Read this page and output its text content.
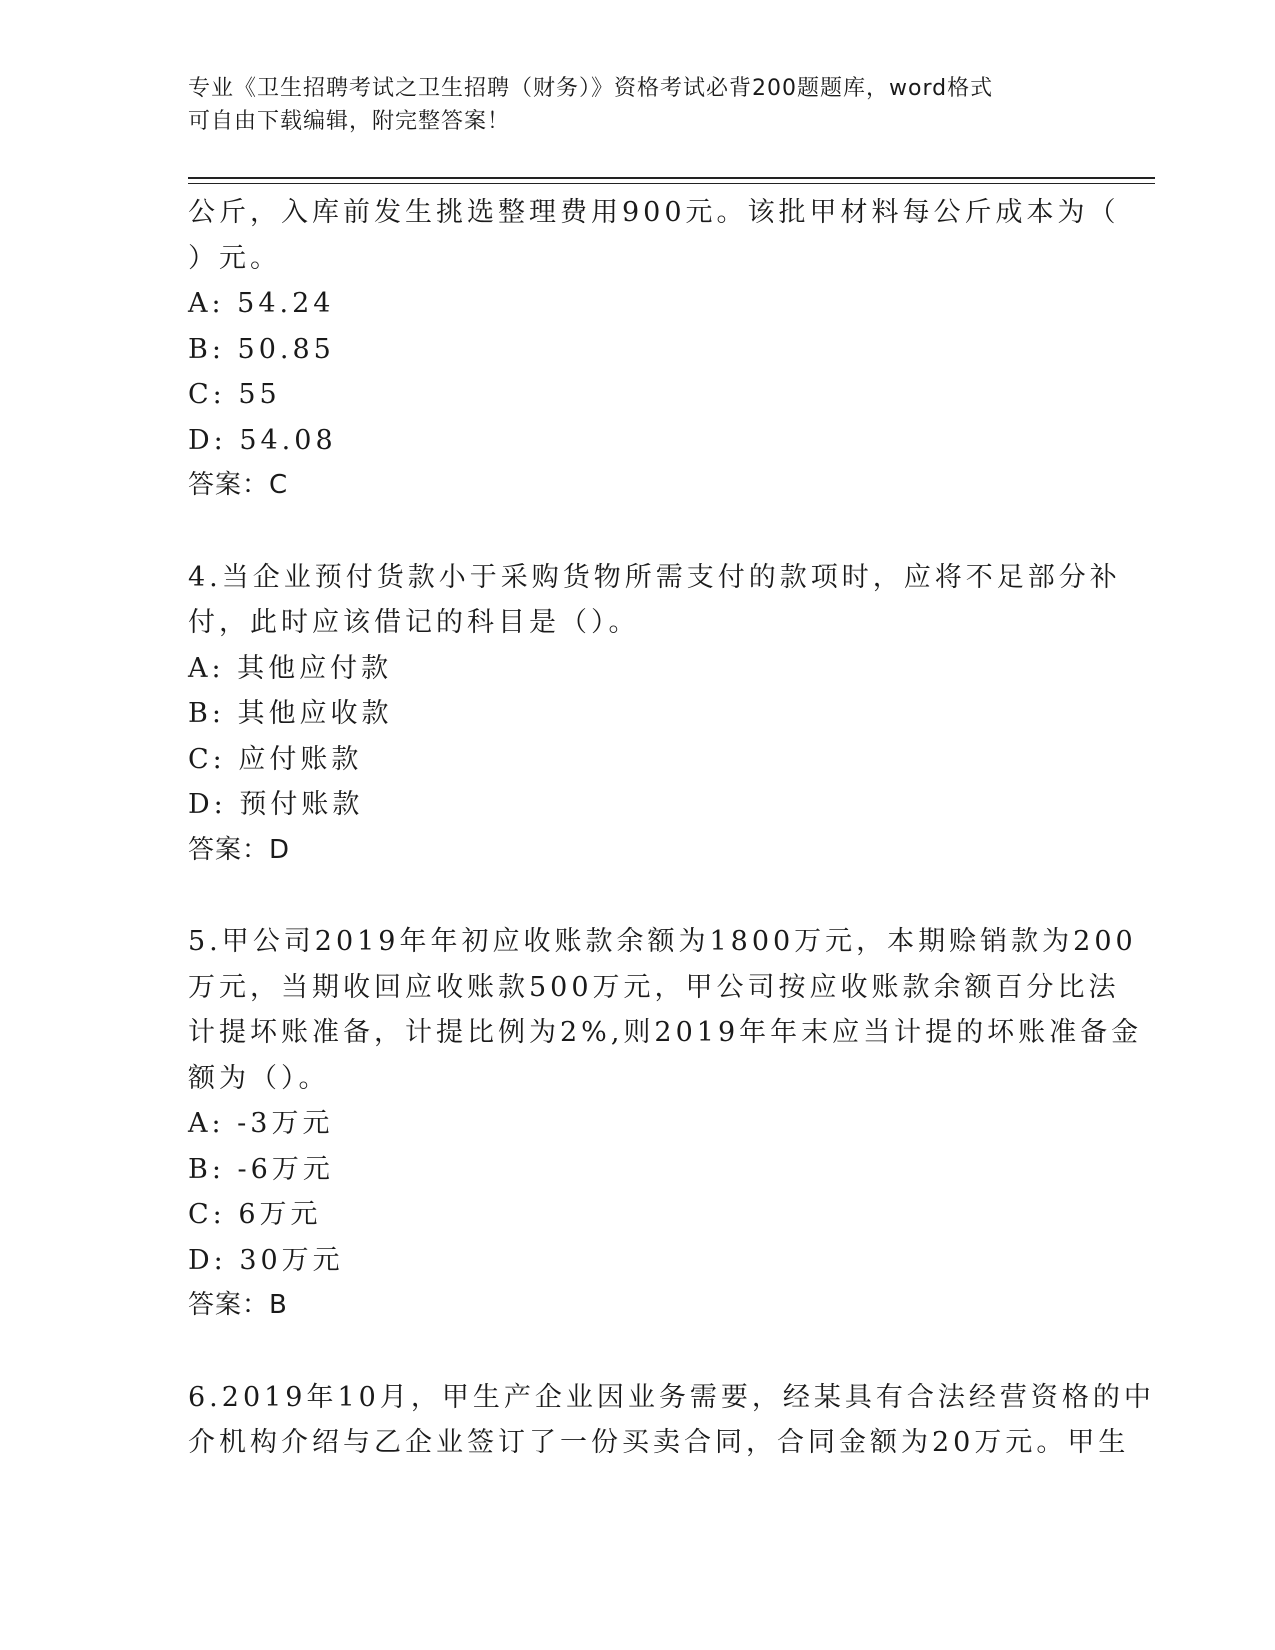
专业《卫生招聘考试之卫生招聘（财务）》资格考试必背200题题库，word格式
可自由下载编辑，附完整答案！
公斤，入库前发生挑选整理费用900元。该批甲材料每公斤成本为（
）元。
A: 54.24
B: 50.85
C: 55
D: 54.08
答案：C
4.当企业预付货款小于采购货物所需支付的款项时，应将不足部分补
付，此时应该借记的科目是（）。
A: 其他应付款
B: 其他应收款
C: 应付账款
D: 预付账款
答案：D
5.甲公司2019年年初应收账款余额为1800万元，本期赊销款为200
万元，当期收回应收账款500万元，甲公司按应收账款余额百分比法
计提坏账准备，计提比例为2%,则2019年年末应当计提的坏账准备金
额为（）。
A: -3万元
B: -6万元
C: 6万元
D: 30万元
答案：B
6.2019年10月，甲生产企业因业务需要，经某具有合法经营资格的中
介机构介绍与乙企业签订了一份买卖合同，合同金额为20万元。甲生
